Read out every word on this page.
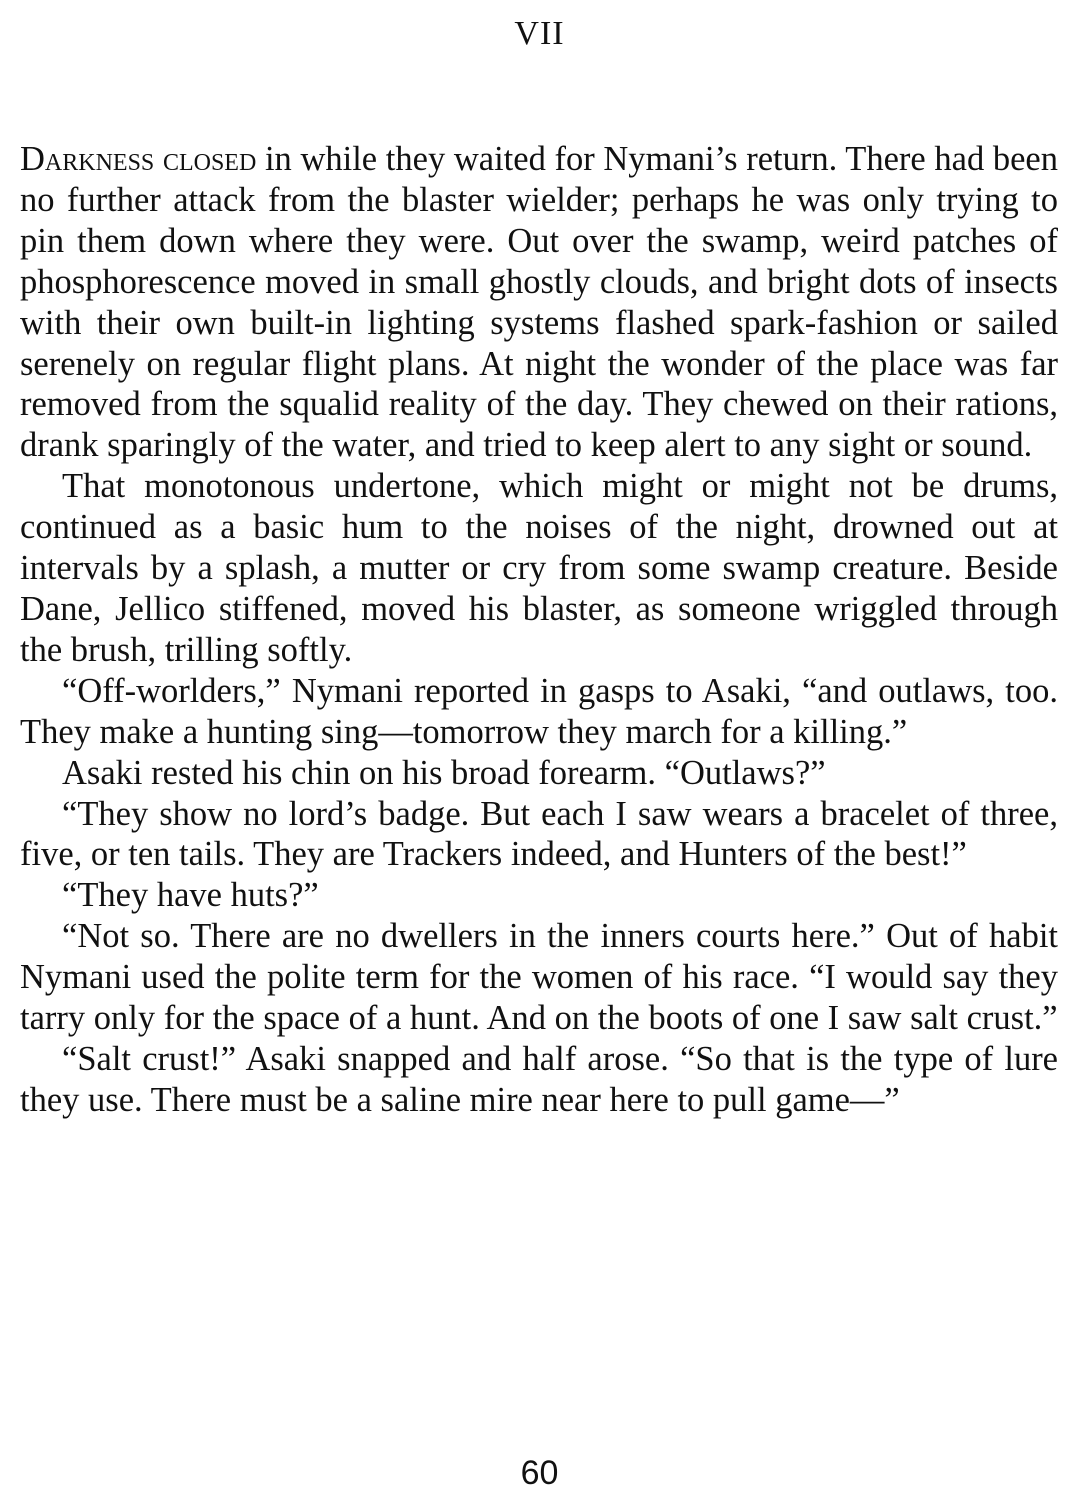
VII

Darkness closed in while they waited for Nymani’s return. There had been no further attack from the blaster wielder; perhaps he was only trying to pin them down where they were. Out over the swamp, weird patches of phosphorescence moved in small ghostly clouds, and bright dots of insects with their own built-in lighting systems flashed spark-fashion or sailed serenely on regular flight plans. At night the wonder of the place was far removed from the squalid reality of the day. They chewed on their rations, drank sparingly of the water, and tried to keep alert to any sight or sound.

That monotonous undertone, which might or might not be drums, continued as a basic hum to the noises of the night, drowned out at intervals by a splash, a mutter or cry from some swamp creature. Beside Dane, Jellico stiffened, moved his blaster, as someone wriggled through the brush, trilling softly.

“Off-worlders,” Nymani reported in gasps to Asaki, “and outlaws, too. They make a hunting sing—tomorrow they march for a killing.”

Asaki rested his chin on his broad forearm. “Outlaws?”

“They show no lord’s badge. But each I saw wears a bracelet of three, five, or ten tails. They are Trackers indeed, and Hunters of the best!”

“They have huts?”

“Not so. There are no dwellers in the inners courts here.” Out of habit Nymani used the polite term for the women of his race. “I would say they tarry only for the space of a hunt. And on the boots of one I saw salt crust.”

“Salt crust!” Asaki snapped and half arose. “So that is the type of lure they use. There must be a saline mire near here to pull game—”

60
